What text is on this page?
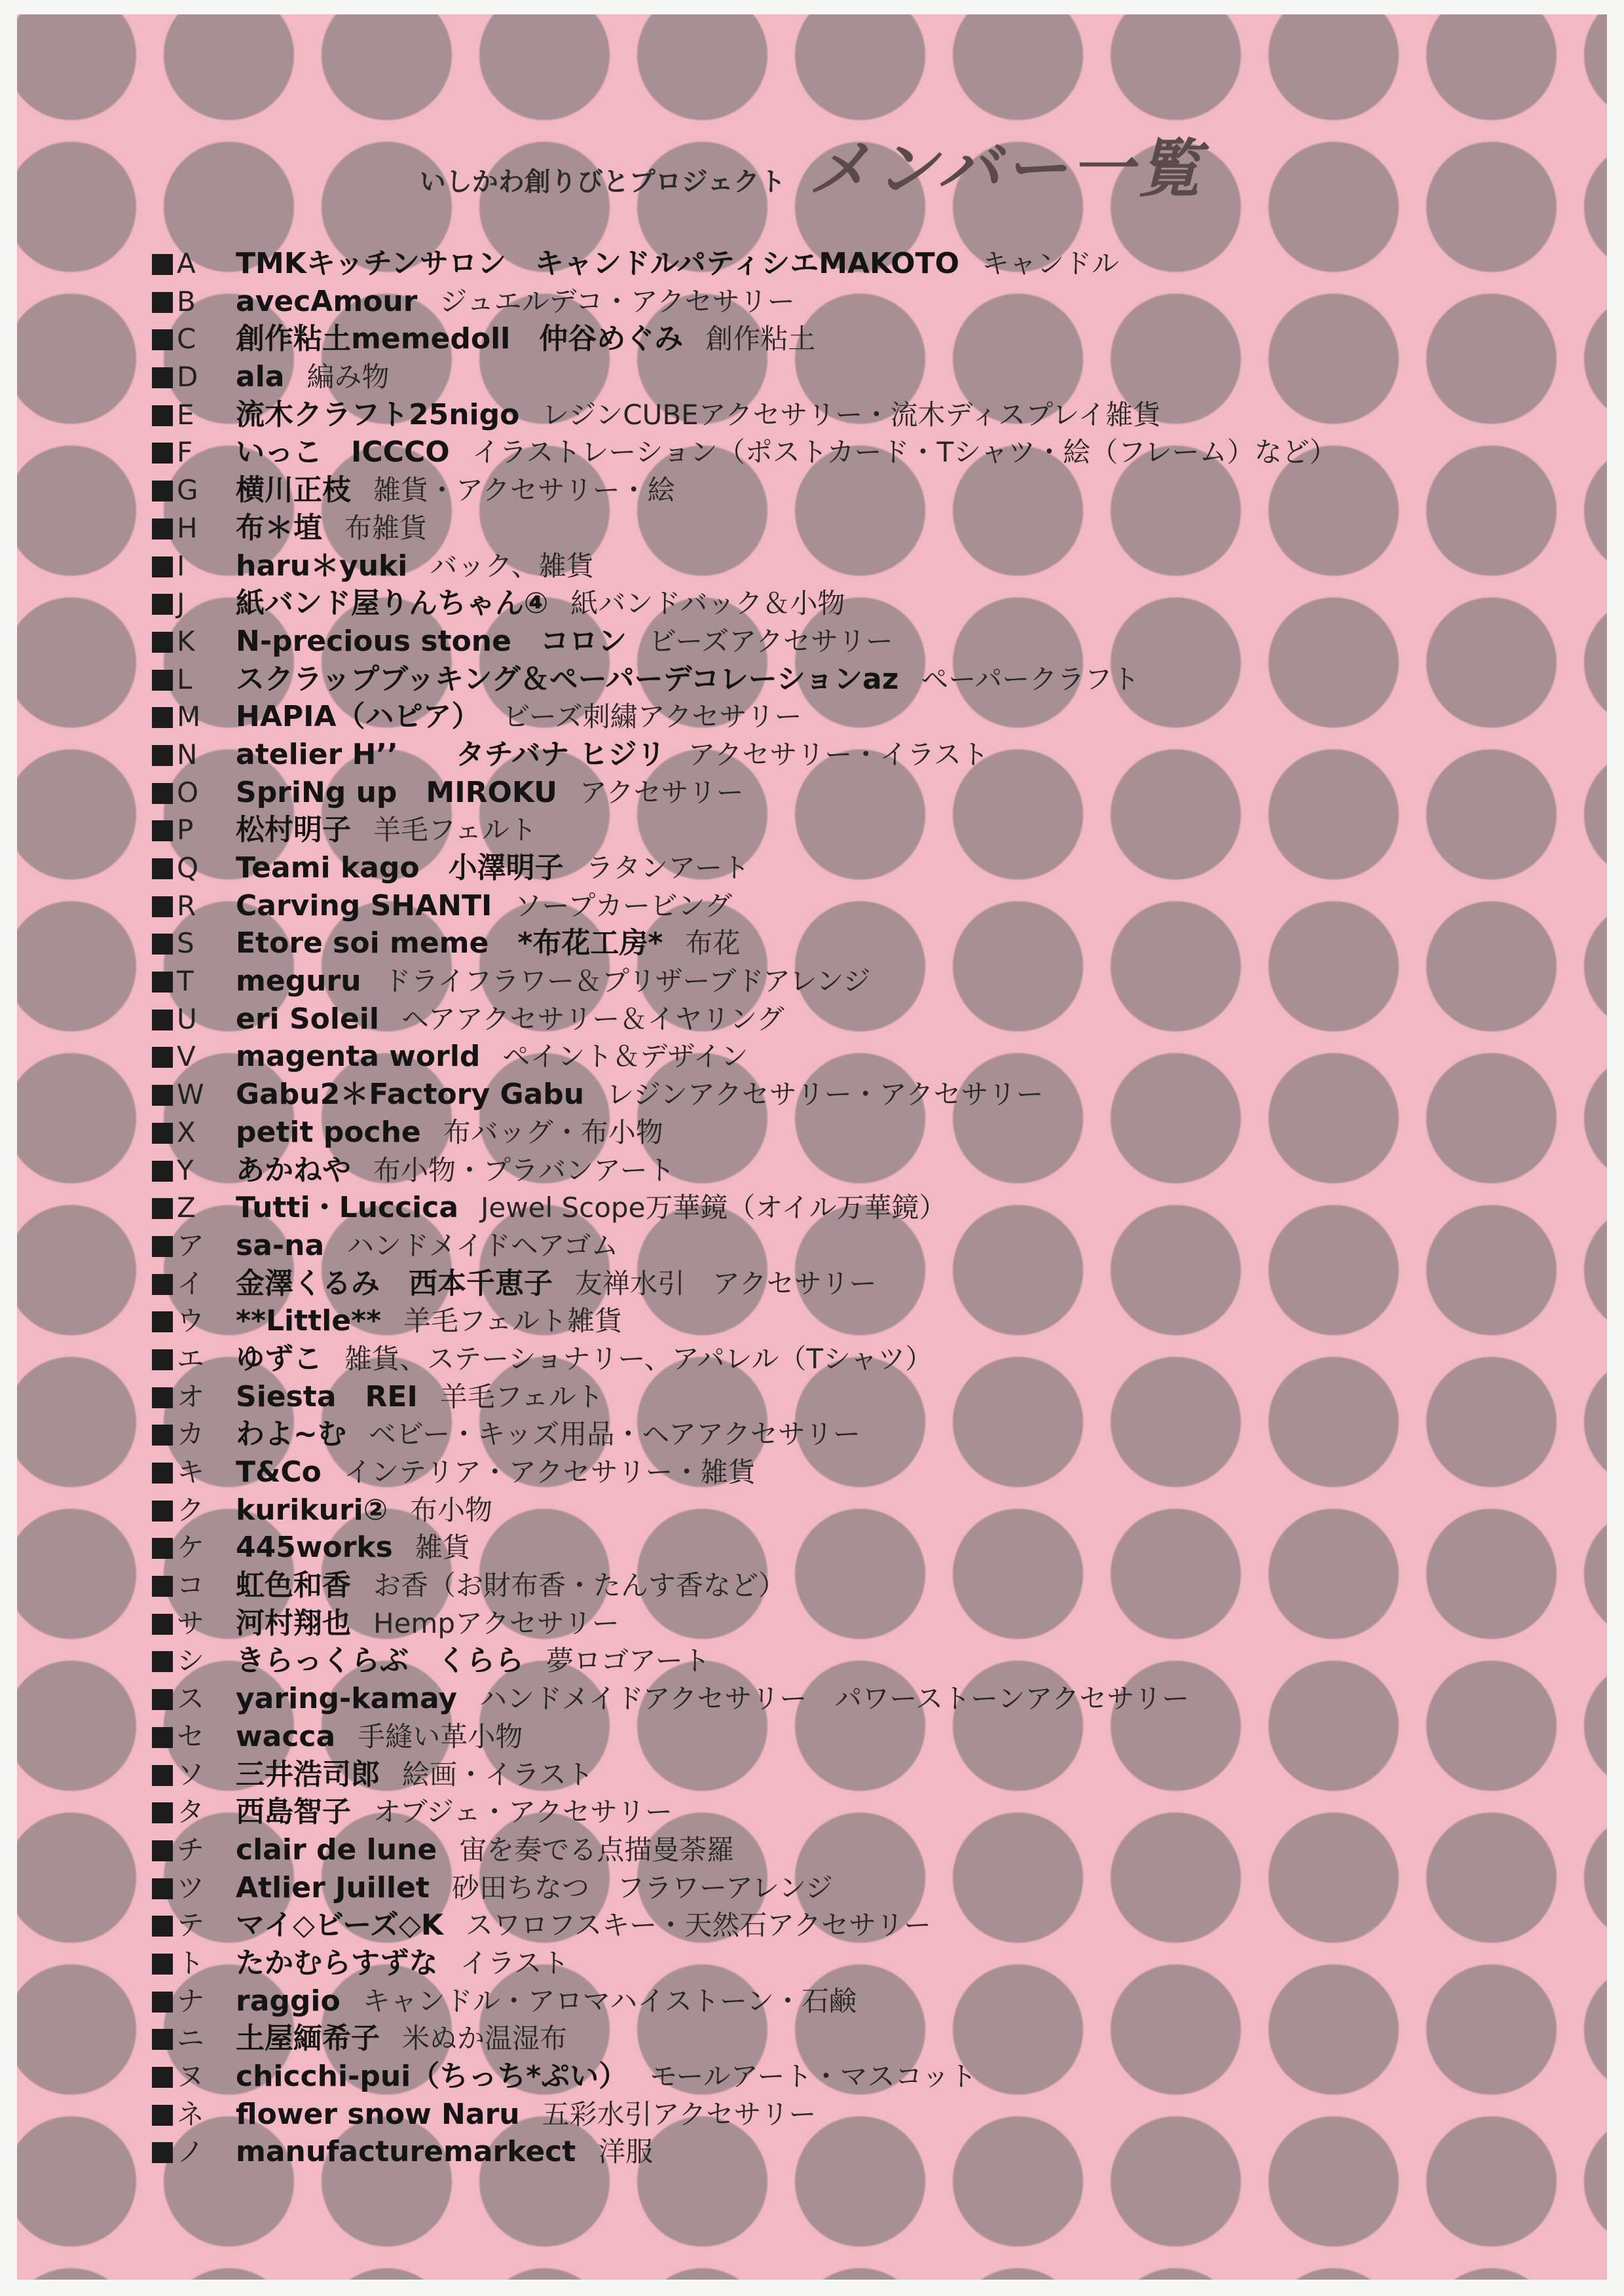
いしかわ創りびとプロジェクト メンバー一覧
A TMKキッチンサロン　キャンドルパティシエMAKOTO キャンドル
B avecAmour ジュエルデコ・アクセサリー
C 創作粘土memedoll　仲谷めぐみ 創作粘土
D ala 編み物
E 流木クラフト25nigo レジンCUBEアクセサリー・流木ディスプレイ雑貨
F いっこ　ICCCO イラストレーション（ポストカード・Tシャツ・絵（フレーム）など）
G 横川正枝 雑貨・アクセサリー・絵
H 布＊埴 布雑貨
I haru＊yuki バック、雑貨
J 紙バンド屋りんちゃん④ 紙バンドバック＆小物
K N-precious stone　コロン ビーズアクセサリー
L スクラップブッキング＆ペーパーデコレーションaz ペーパークラフト
M HAPIA（ハピア） ビーズ刺繍アクセサリー
N atelier H’’　　タチバナ ヒジリ アクセサリー・イラスト
O SpriNg up　MIROKU アクセサリー
P 松村明子 羊毛フェルト
Q Teami kago　小澤明子 ラタンアート
R Carving SHANTI ソープカービング
S Etore soi meme　*布花工房* 布花
T meguru ドライフラワー＆プリザーブドアレンジ
U eri Soleil ヘアアクセサリー＆イヤリング
V magenta world ペイント＆デザイン
W Gabu2＊Factory Gabu レジンアクセサリー・アクセサリー
X petit poche 布バッグ・布小物
Y あかねや 布小物・プラバンアート
Z Tutti・Luccica Jewel Scope万華鏡（オイル万華鏡）
ア sa-na ハンドメイドヘアゴム
イ 金澤くるみ　西本千恵子 友禅水引　アクセサリー
ウ **Little** 羊毛フェルト雑貨
エ ゆずこ 雑貨、ステーショナリー、アパレル（Tシャツ）
オ Siesta　REI 羊毛フェルト
カ わよ~む ベビー・キッズ用品・ヘアアクセサリー
キ T&Co インテリア・アクセサリー・雑貨
ク kurikuri② 布小物
ケ 445works 雑貨
コ 虹色和香 お香（お財布香・たんす香など）
サ 河村翔也 Hempアクセサリー
シ きらっくらぶ　くらら 夢ロゴアート
ス yaring-kamay ハンドメイドアクセサリー　パワーストーンアクセサリー
セ wacca 手縫い革小物
ソ 三井浩司郎 絵画・イラスト
タ 西島智子 オブジェ・アクセサリー
チ clair de lune 宙を奏でる点描曼荼羅
ツ Atlier Juillet 砂田ちなつ　フラワーアレンジ
テ マイ◇ビーズ◇K スワロフスキー・天然石アクセサリー
ト たかむらすずな イラスト
ナ raggio キャンドル・アロマハイストーン・石鹸
ニ 土屋緬希子 米ぬか温湿布
ヌ chicchi-pui（ちっち*ぷい） モールアート・マスコット
ネ flower snow Naru 五彩水引アクセサリー
ノ manufacturemarkect 洋服
